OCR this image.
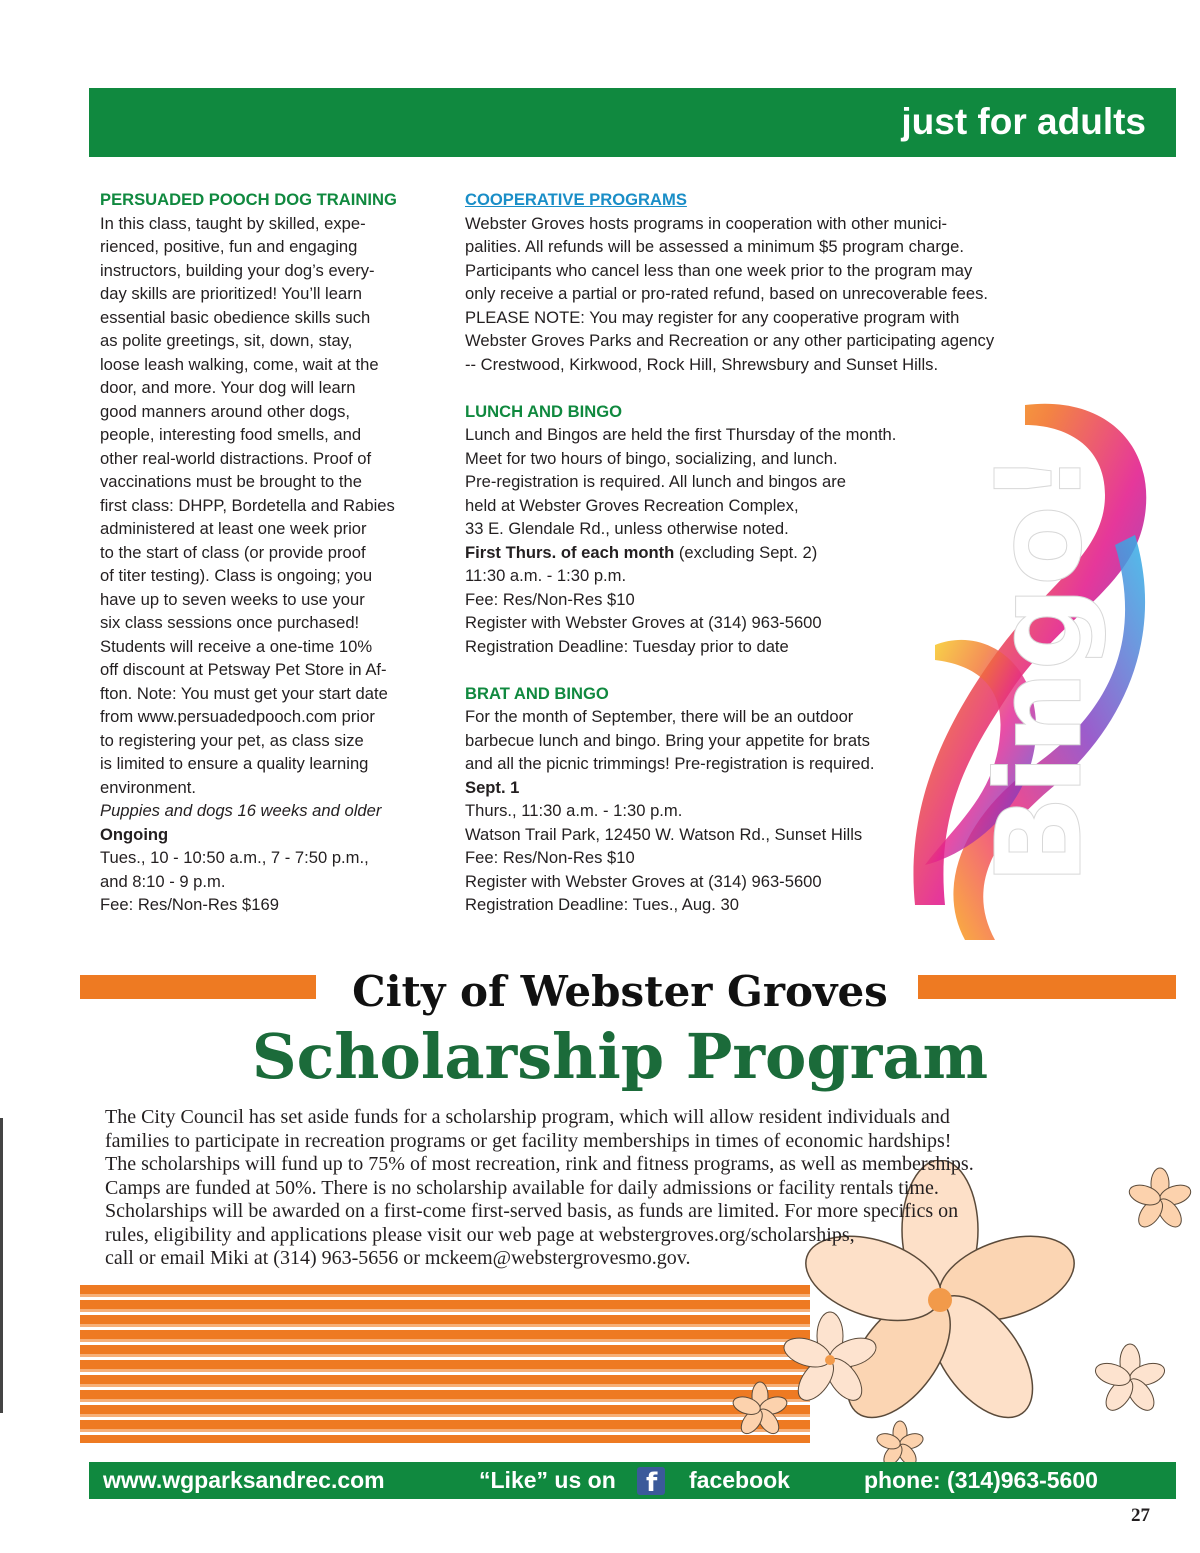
just for adults

PERSUADED POOCH DOG TRAINING

In this class, taught by skilled, expe-

rienced, positive, fun and engaging

instructors, building your dog’s every-

day skills are prioritized! You’ll learn

essential basic obedience skills such

as polite greetings, sit, down, stay,

loose leash walking, come, wait at the

door, and more. Your dog will learn

good manners around other dogs,

people, interesting food smells, and

other real-world distractions. Proof of

vaccinations must be brought to the

first class: DHPP, Bordetella and Rabies

administered at least one week prior

to the start of class (or provide proof

of titer testing). Class is ongoing; you

have up to seven weeks to use your

six class sessions once purchased!

Students will receive a one-time 10%

off discount at Petsway Pet Store in Af-

fton. Note: You must get your start date

from www.persuadedpooch.com prior

to registering your pet, as class size

is limited to ensure a quality learning

environment.

Puppies and dogs 16 weeks and older

Ongoing

Tues., 10 - 10:50 a.m., 7 - 7:50 p.m.,

and 8:10 - 9 p.m.

Fee: Res/Non-Res $169

COOPERATIVE PROGRAMS

Webster Groves hosts programs in cooperation with other munici-

palities. All refunds will be assessed a minimum $5 program charge.

Participants who cancel less than one week prior to the program may

only receive a partial or pro-rated refund, based on unrecoverable fees.

PLEASE NOTE: You may register for any cooperative program with

Webster Groves Parks and Recreation or any other participating agency

-- Crestwood, Kirkwood, Rock Hill, Shrewsbury and Sunset Hills.

LUNCH AND BINGO

Lunch and Bingos are held the first Thursday of the month.

Meet for two hours of bingo, socializing, and lunch.

Pre-registration is required. All lunch and bingos are

held at Webster Groves Recreation Complex,

33 E. Glendale Rd., unless otherwise noted.

First Thurs. of each month (excluding Sept. 2)

11:30 a.m. - 1:30 p.m.

Fee: Res/Non-Res $10

Register with Webster Groves at (314) 963-5600

Registration Deadline: Tuesday prior to date

BRAT AND BINGO

For the month of September, there will be an outdoor

barbecue lunch and bingo. Bring your appetite for brats

and all the picnic trimmings! Pre-registration is required.

Sept. 1

Thurs., 11:30 a.m. - 1:30 p.m.

Watson Trail Park, 12450 W. Watson Rd., Sunset Hills

Fee: Res/Non-Res $10

Register with Webster Groves at (314) 963-5600

Registration Deadline: Tues., Aug. 30

Bingo!
City of Webster Groves
Scholarship Program

The City Council has set aside funds for a scholarship program, which will allow resident individuals and

families to participate in recreation programs or get facility memberships in times of economic hardships!

The scholarships will fund up to 75% of most recreation, rink and fitness programs, as well as memberships.

Camps are funded at 50%. There is no scholarship available for daily admissions or facility rentals time.

Scholarships will be awarded on a first-come first-served basis, as funds are limited. For more specifics on

rules, eligibility and applications please visit our web page at webstergroves.org/scholarships,

call or email Miki at (314) 963-5656 or mckeem@webstergrovesmo.gov.

www.wgparksandrec.com	“Like” us on f facebook	phone: (314)963-5600
27
